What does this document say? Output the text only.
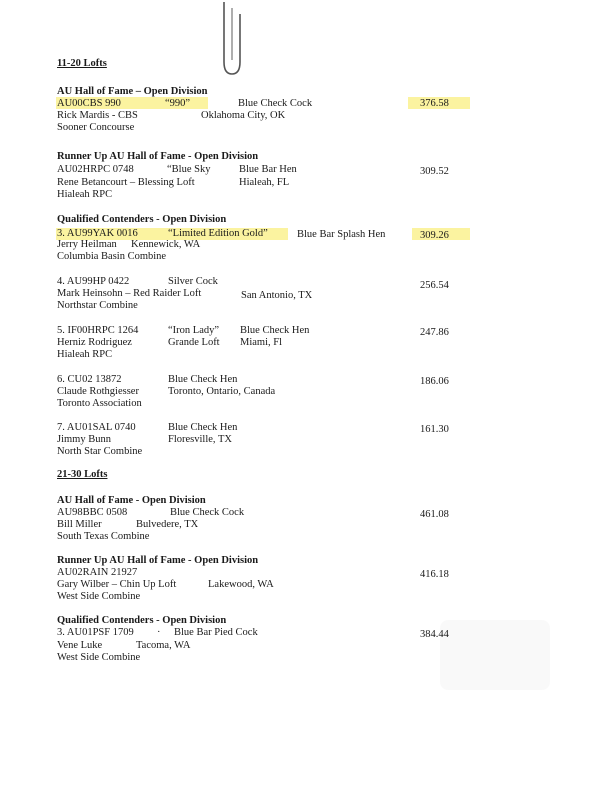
11-20 Lofts
AU Hall of Fame – Open Division
AU00CBS 990	“990”	Blue Check Cock	376.58
Rick Mardis - CBS	Oklahoma City, OK
Sooner Concourse
Runner Up AU Hall of Fame - Open Division
AU02HRPC 0748	“Blue Sky	Blue Bar Hen	309.52
Rene Betancourt – Blessing Loft	Hialeah, FL
Hialeah RPC
Qualified Contenders - Open Division
3. AU99YAK 0016	“Limited Edition Gold”	Blue Bar Splash Hen	309.26
Jerry Heilman Kennewick, WA
Columbia Basin Combine
4. AU99HP 0422	Silver Cock	256.54
Mark Heinsohn – Red Raider Loft	San Antonio, TX
Northstar Combine
5. IF00HRPC 1264	“Iron Lady” Blue Check Hen	247.86
Herniz Rodriguez	Grande Loft Miami, Fl
Hialeah RPC
6. CU02 13872	Blue Check Hen	186.06
Claude Rothgiesser	Toronto, Ontario, Canada
Toronto Association
7. AU01SAL 0740	Blue Check Hen	161.30
Jimmy Bunn	Floresville, TX
North Star Combine
21-30 Lofts
AU Hall of Fame - Open Division
AU98BBC 0508	Blue Check Cock	461.08
Bill Miller	Bulvedere, TX
South Texas Combine
Runner Up AU Hall of Fame - Open Division
AU02RAIN 21927	416.18
Gary Wilber – Chin Up Loft	Lakewood, WA
West Side Combine
Qualified Contenders - Open Division
3. AU01PSF 1709 · Blue Bar Pied Cock	384.44
Vene Luke	Tacoma, WA
West Side Combine
